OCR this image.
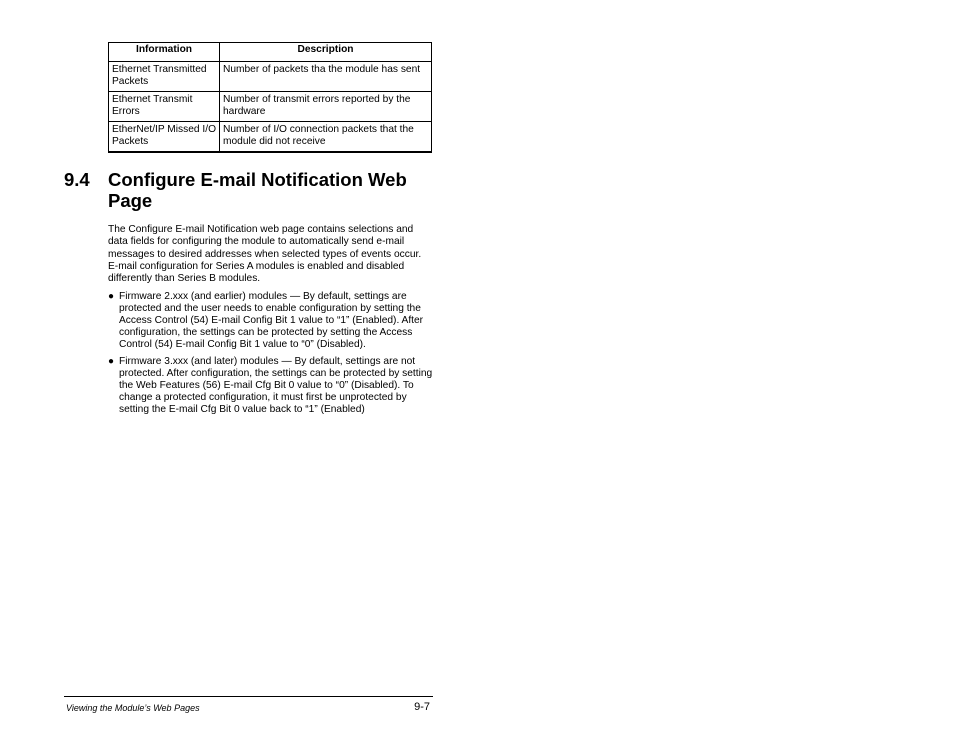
Information	Description
Ethernet Transmitted Packets	Number of packets tha the module has sent
Ethernet Transmit Errors	Number of transmit errors reported by the hardware
EtherNet/IP Missed I/O Packets	Number of I/O connection packets that the module did not receive
9.4 Configure E-mail Notification Web Page

The Configure E-mail Notification web page contains selections and data fields for configuring the module to automatically send e-mail messages to desired addresses when selected types of events occur. E-mail configuration for Series A modules is enabled and disabled differently than Series B modules.

● Firmware 2.xxx (and earlier) modules — By default, settings are protected and the user needs to enable configuration by setting the Access Control (54) E-mail Config Bit 1 value to “1” (Enabled). After configuration, the settings can be protected by setting the Access Control (54) E-mail Config Bit 1 value to “0” (Disabled).
● Firmware 3.xxx (and later) modules — By default, settings are not protected. After configuration, the settings can be protected by setting the Web Features (56) E-mail Cfg Bit 0 value to “0” (Disabled). To change a protected configuration, it must first be unprotected by setting the E-mail Cfg Bit 0 value back to “1” (Enabled)
Viewing the Module’s Web Pages	9-7
